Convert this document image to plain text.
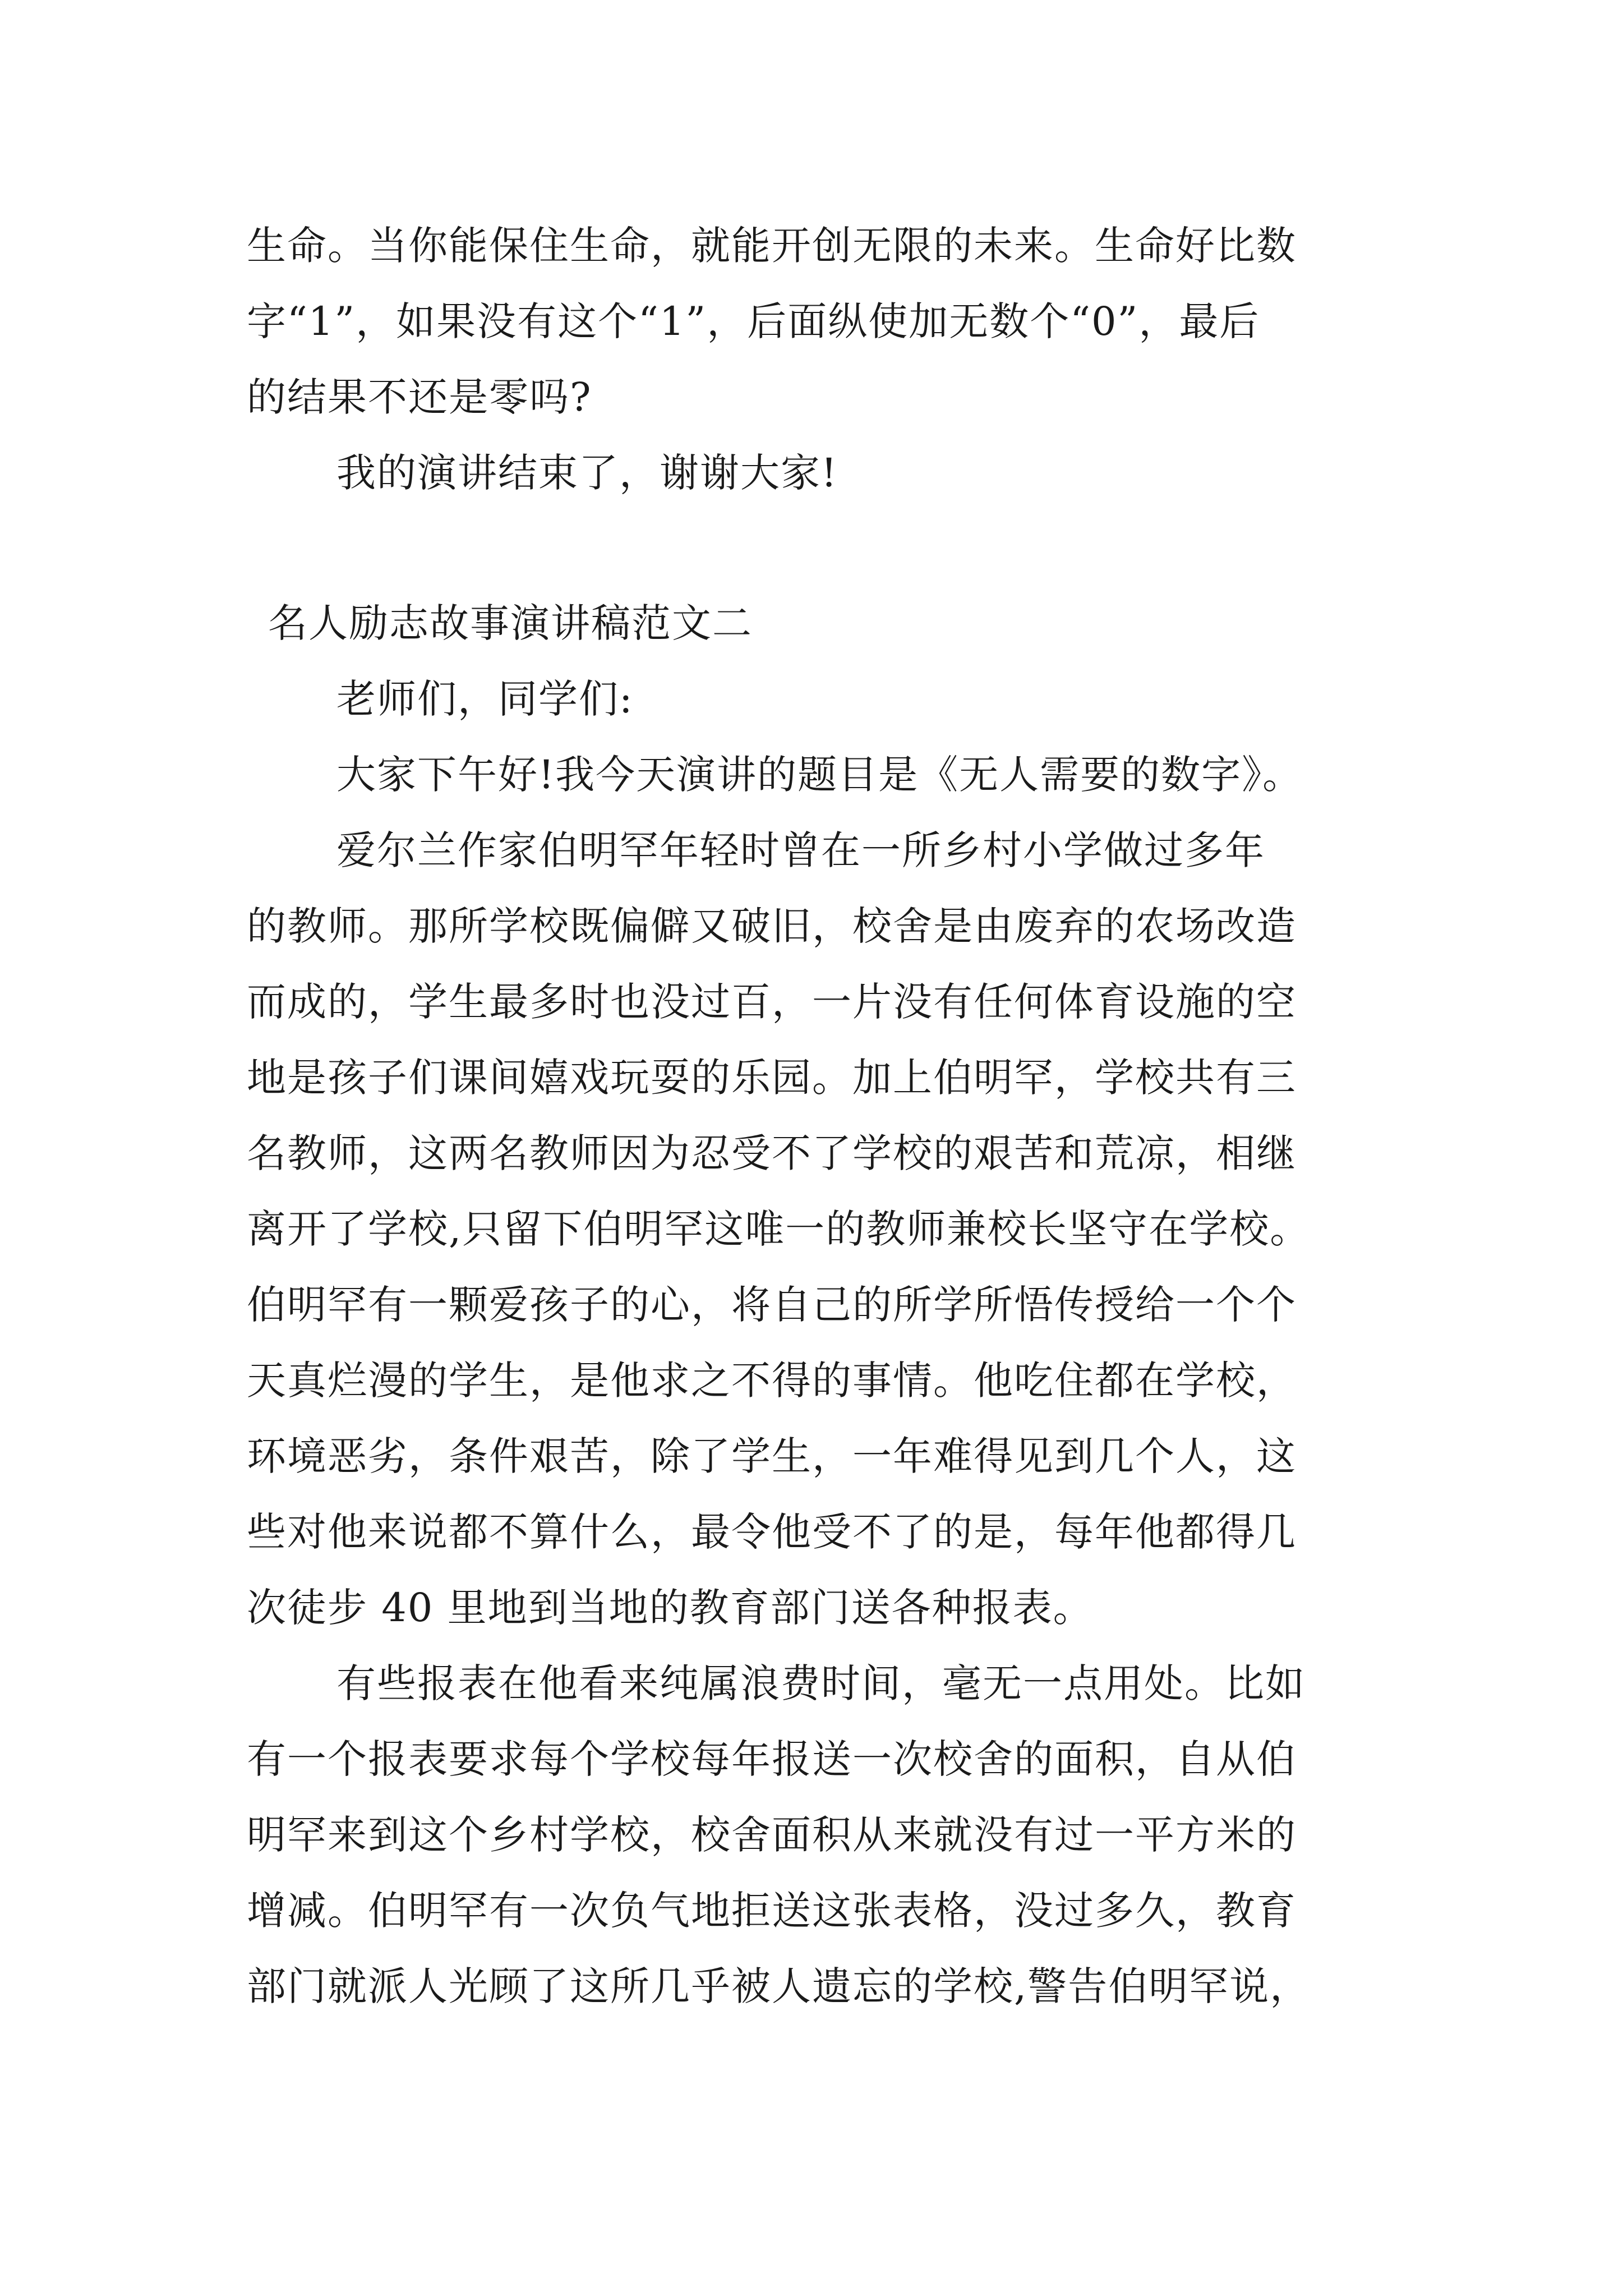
生命。当你能保住生命，就能开创无限的未来。生命好比数
字“1”，如果没有这个“1”，后面纵使加无数个“0”，最后
的结果不还是零吗?
我的演讲结束了，谢谢大家!
名人励志故事演讲稿范文二
老师们，同学们:
大家下午好!我今天演讲的题目是《无人需要的数字》。
爱尔兰作家伯明罕年轻时曾在一所乡村小学做过多年
的教师。那所学校既偏僻又破旧，校舍是由废弃的农场改造
而成的，学生最多时也没过百，一片没有任何体育设施的空
地是孩子们课间嬉戏玩耍的乐园。加上伯明罕，学校共有三
名教师，这两名教师因为忍受不了学校的艰苦和荒凉，相继
离开了学校,只留下伯明罕这唯一的教师兼校长坚守在学校。
伯明罕有一颗爱孩子的心，将自己的所学所悟传授给一个个
天真烂漫的学生，是他求之不得的事情。他吃住都在学校，
环境恶劣，条件艰苦，除了学生，一年难得见到几个人，这
些对他来说都不算什么，最令他受不了的是，每年他都得几
次徒步 40 里地到当地的教育部门送各种报表。
有些报表在他看来纯属浪费时间，毫无一点用处。比如
有一个报表要求每个学校每年报送一次校舍的面积，自从伯
明罕来到这个乡村学校，校舍面积从来就没有过一平方米的
增减。伯明罕有一次负气地拒送这张表格，没过多久，教育
部门就派人光顾了这所几乎被人遗忘的学校,警告伯明罕说，
